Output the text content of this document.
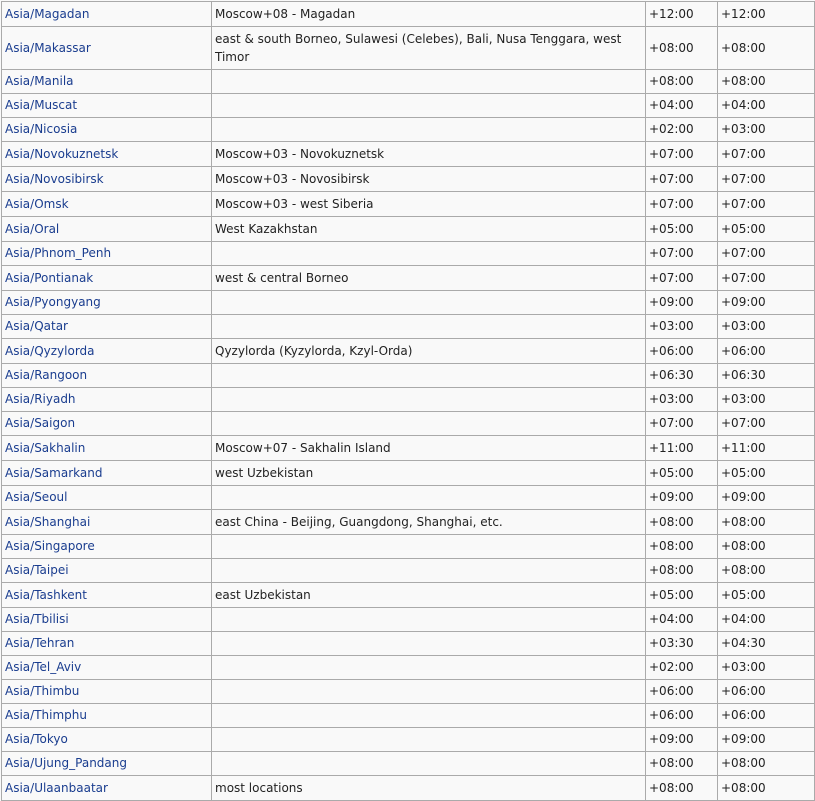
Asia/Magadan	Moscow+08 - Magadan	+12:00	+12:00
Asia/Makassar	east & south Borneo, Sulawesi (Celebes), Bali, Nusa Tenggara, west Timor	+08:00	+08:00
Asia/Manila		+08:00	+08:00
Asia/Muscat		+04:00	+04:00
Asia/Nicosia		+02:00	+03:00
Asia/Novokuznetsk	Moscow+03 - Novokuznetsk	+07:00	+07:00
Asia/Novosibirsk	Moscow+03 - Novosibirsk	+07:00	+07:00
Asia/Omsk	Moscow+03 - west Siberia	+07:00	+07:00
Asia/Oral	West Kazakhstan	+05:00	+05:00
Asia/Phnom_Penh		+07:00	+07:00
Asia/Pontianak	west & central Borneo	+07:00	+07:00
Asia/Pyongyang		+09:00	+09:00
Asia/Qatar		+03:00	+03:00
Asia/Qyzylorda	Qyzylorda (Kyzylorda, Kzyl-Orda)	+06:00	+06:00
Asia/Rangoon		+06:30	+06:30
Asia/Riyadh		+03:00	+03:00
Asia/Saigon		+07:00	+07:00
Asia/Sakhalin	Moscow+07 - Sakhalin Island	+11:00	+11:00
Asia/Samarkand	west Uzbekistan	+05:00	+05:00
Asia/Seoul		+09:00	+09:00
Asia/Shanghai	east China - Beijing, Guangdong, Shanghai, etc.	+08:00	+08:00
Asia/Singapore		+08:00	+08:00
Asia/Taipei		+08:00	+08:00
Asia/Tashkent	east Uzbekistan	+05:00	+05:00
Asia/Tbilisi		+04:00	+04:00
Asia/Tehran		+03:30	+04:30
Asia/Tel_Aviv		+02:00	+03:00
Asia/Thimbu		+06:00	+06:00
Asia/Thimphu		+06:00	+06:00
Asia/Tokyo		+09:00	+09:00
Asia/Ujung_Pandang		+08:00	+08:00
Asia/Ulaanbaatar	most locations	+08:00	+08:00
